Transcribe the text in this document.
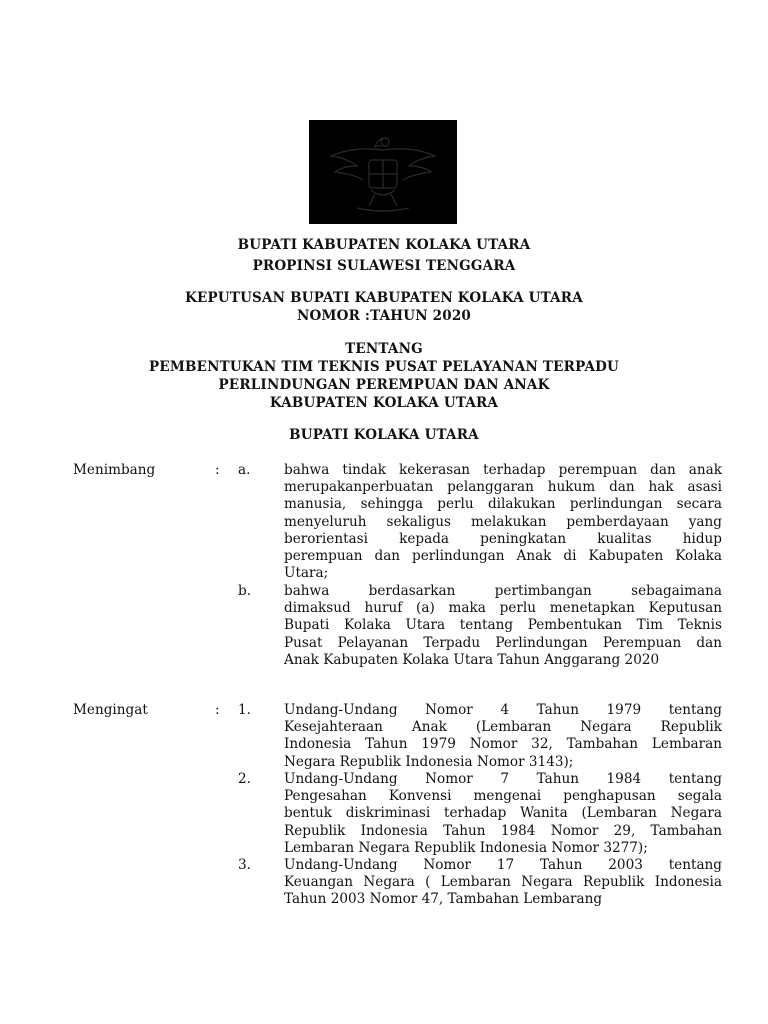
BUPATI KABUPATEN KOLAKA UTARA

PROPINSI SULAWESI TENGGARA

KEPUTUSAN BUPATI KABUPATEN KOLAKA UTARA

NOMOR :TAHUN 2020

TENTANG

PEMBENTUKAN TIM TEKNIS PUSAT PELAYANAN TERPADU

PERLINDUNGAN PEREMPUAN DAN ANAK

KABUPATEN KOLAKA UTARA

BUPATI KOLAKA UTARA

Menimbang	: a. bahwa tindak kekerasan terhadap perempuan dan anak
merupakanperbuatan pelanggaran hukum dan hak asasi
manusia, sehingga perlu dilakukan perlindungan secara
menyeluruh sekaligus melakukan pemberdayaan yang
berorientasi kepada peningkatan kualitas hidup
perempuan dan perlindungan Anak di Kabupaten Kolaka
Utara;

b. bahwa berdasarkan pertimbangan sebagaimana
dimaksud huruf (a) maka perlu menetapkan Keputusan
Bupati Kolaka Utara tentang Pembentukan Tim Teknis
Pusat Pelayanan Terpadu Perlindungan Perempuan dan
Anak Kabupaten Kolaka Utara Tahun Anggarang 2020

Mengingat	: 1. Undang-Undang Nomor 4 Tahun 1979 tentang
Kesejahteraan Anak (Lembaran Negara Republik
Indonesia Tahun 1979 Nomor 32, Tambahan Lembaran
Negara Republik Indonesia Nomor 3143);

2. Undang-Undang Nomor 7 Tahun 1984 tentang
Pengesahan Konvensi mengenai penghapusan segala
bentuk diskriminasi terhadap Wanita (Lembaran Negara
Republik Indonesia Tahun 1984 Nomor 29, Tambahan
Lembaran Negara Republik Indonesia Nomor 3277);

3. Undang-Undang Nomor 17 Tahun 2003 tentang
Keuangan Negara ( Lembaran Negara Republik Indonesia
Tahun 2003 Nomor 47, Tambahan Lembarang
